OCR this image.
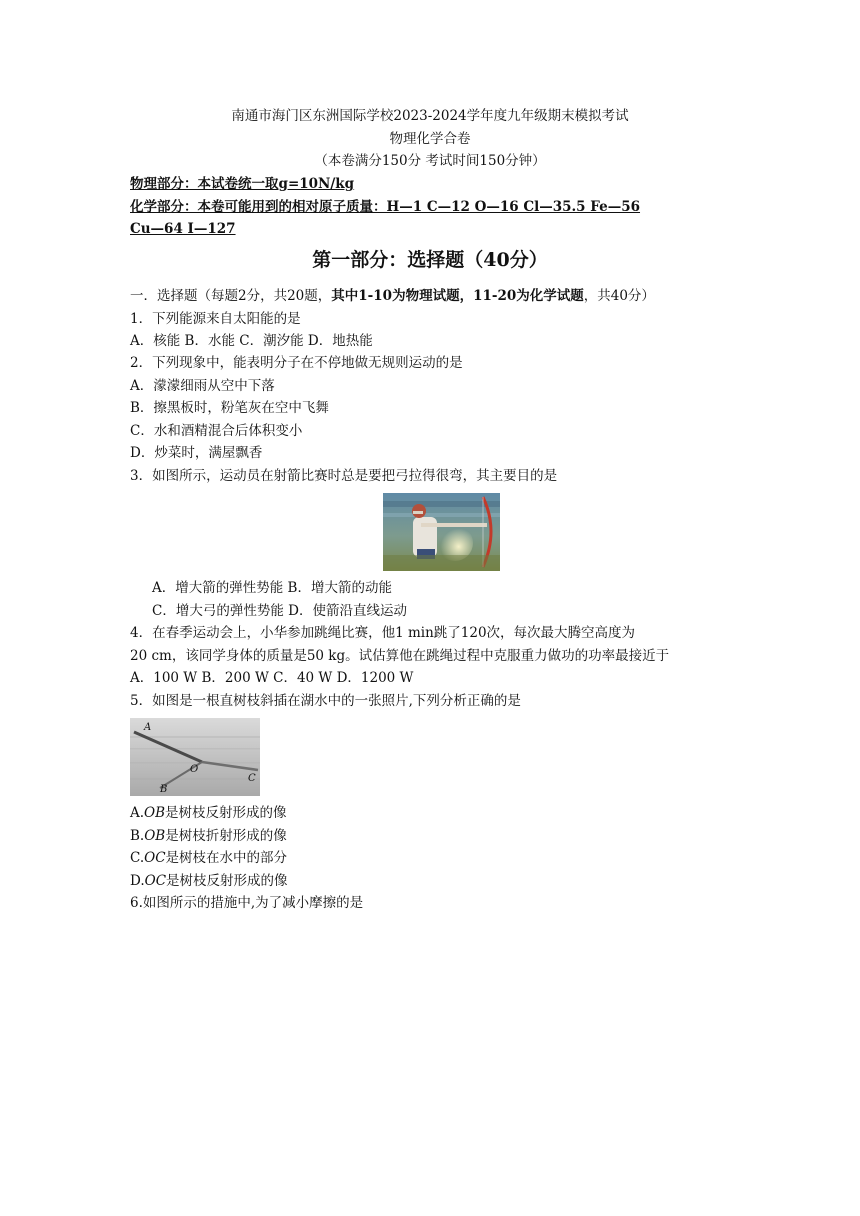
南通市海门区东洲国际学校2023-2024学年度九年级期末模拟考试
物理化学合卷
（本卷满分150分 考试时间150分钟）
物理部分：本试卷统一取g=10N/kg
化学部分：本卷可能用到的相对原子质量：H—1 C—12 O—16 Cl—35.5 Fe—56
Cu—64 I—127
第一部分：选择题（40分）
一．选择题（每题2分，共20题，其中1-10为物理试题，11-20为化学试题，共40分）
1．下列能源来自太阳能的是
A．核能 B．水能 C．潮汐能 D．地热能
2．下列现象中，能表明分子在不停地做无规则运动的是
A．濛濛细雨从空中下落
B．擦黑板时，粉笔灰在空中飞舞
C．水和酒精混合后体积变小
D．炒菜时，满屋飘香
3．如图所示，运动员在射箭比赛时总是要把弓拉得很弯，其主要目的是
A．增大箭的弹性势能 B．增大箭的动能
C．增大弓的弹性势能 D．使箭沿直线运动
4．在春季运动会上，小华参加跳绳比赛，他1 min跳了120次，每次最大腾空高度为
20 cm，该同学身体的质量是50 kg。试估算他在跳绳过程中克服重力做功的功率最接近于
A．100 W B．200 W C．40 W D．1200 W
5．如图是一根直树枝斜插在湖水中的一张照片,下列分析正确的是
A
O
C
B
A.OB是树枝反射形成的像
B.OB是树枝折射形成的像
C.OC是树枝在水中的部分
D.OC是树枝反射形成的像
6.如图所示的措施中,为了减小摩擦的是
